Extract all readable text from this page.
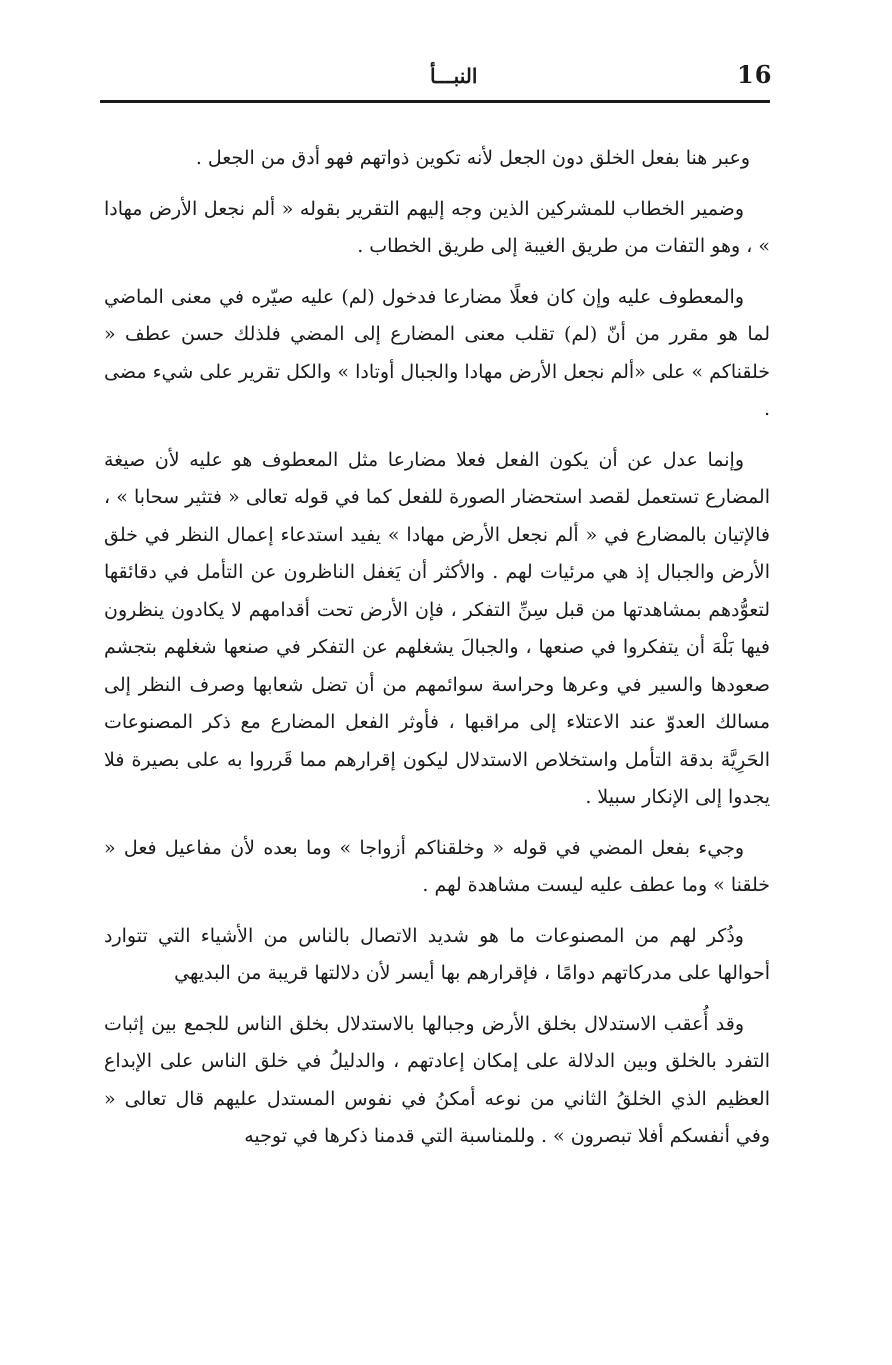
النبـــأ	16

وعبر هنا بفعل الخلق دون الجعل لأنه تكوين ذواتهم فهو أدق من الجعل .

وضمير الخطاب للمشركين الذين وجه إليهم التقرير بقوله « ألم نجعل الأرض مهادا » ، وهو التفات من طريق الغيبة إلى طريق الخطاب .

والمعطوف عليه وإن كان فعلًا مضارعا فدخول (لم) عليه صيّره في معنى الماضي لما هو مقرر من أنّ (لم) تقلب معنى المضارع إلى المضي فلذلك حسن عطف « خلقناكم » على «ألم نجعل الأرض مهادا والجبال أوتادا » والكل تقرير على شيء مضى .

وإنما عدل عن أن يكون الفعل فعلا مضارعا مثل المعطوف هو عليه لأن صيغة المضارع تستعمل لقصد استحضار الصورة للفعل كما في قوله تعالى « فتثير سحابا » ، فالإتيان بالمضارع في « ألم نجعل الأرض مهادا » يفيد استدعاء إعمال النظر في خلق الأرض والجبال إذ هي مرئيات لهم . والأكثر أن يَغفل الناظرون عن التأمل في دقائقها لتعوُّدهم بمشاهدتها من قبل سِنِّ التفكر ، فإن الأرض تحت أقدامهم لا يكادون ينظرون فيها بَلْهَ أن يتفكروا في صنعها ، والجبالَ يشغلهم عن التفكر في صنعها شغلهم بتجشم صعودها والسير في وعرها وحراسة سوائمهم من أن تضل شعابها وصرف النظر إلى مسالك العدوّ عند الاعتلاء إلى مراقبها ، فأوثر الفعل المضارع مع ذكر المصنوعات الحَرِيَّة بدقة التأمل واستخلاص الاستدلال ليكون إقرارهم مما قَرروا به على بصيرة فلا يجدوا إلى الإنكار سبيلا .

وجيء بفعل المضي في قوله « وخلقناكم أزواجا » وما بعده لأن مفاعيل فعل « خلقنا » وما عطف عليه ليست مشاهدة لهم .

وذُكر لهم من المصنوعات ما هو شديد الاتصال بالناس من الأشياء التي تتوارد أحوالها على مدركاتهم دوامًا ، فإقرارهم بها أيسر لأن دلالتها قريبة من البديهي

وقد أُعقب الاستدلال بخلق الأرض وجبالها بالاستدلال بخلق الناس للجمع بين إثبات التفرد بالخلق وبين الدلالة على إمكان إعادتهم ، والدليلُ في خلق الناس على الإبداع العظيم الذي الخلقُ الثاني من نوعه أمكنُ في نفوس المستدل عليهم قال تعالى « وفي أنفسكم أفلا تبصرون » . وللمناسبة التي قدمنا ذكرها في توجيه
